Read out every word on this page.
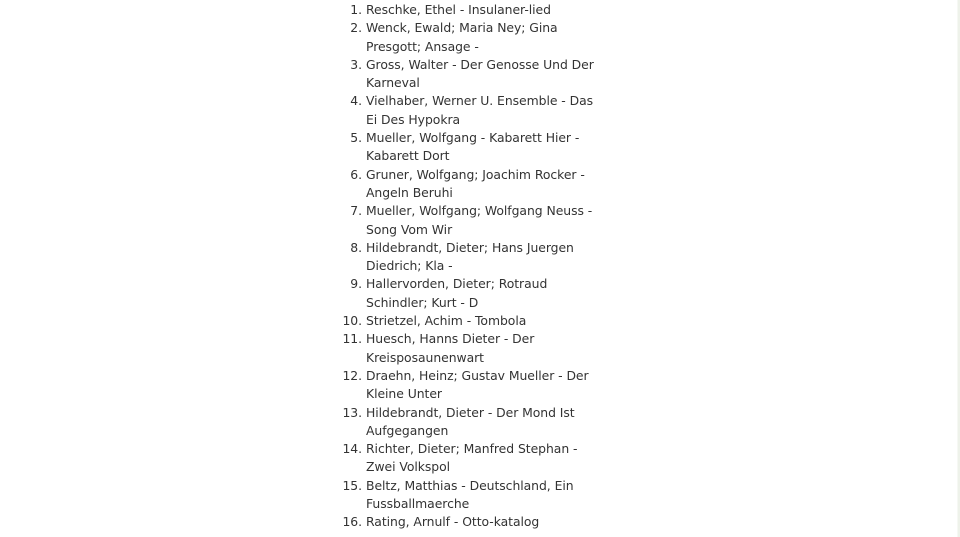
1. Reschke, Ethel - Insulaner-lied
2. Wenck, Ewald; Maria Ney; Gina Presgott; Ansage -
3. Gross, Walter - Der Genosse Und Der Karneval
4. Vielhaber, Werner U. Ensemble - Das Ei Des Hypokra
5. Mueller, Wolfgang - Kabarett Hier - Kabarett Dort
6. Gruner, Wolfgang; Joachim Rocker - Angeln Beruhi
7. Mueller, Wolfgang; Wolfgang Neuss - Song Vom Wir
8. Hildebrandt, Dieter; Hans Juergen Diedrich; Kla -
9. Hallervorden, Dieter; Rotraud Schindler; Kurt - D
10. Strietzel, Achim - Tombola
11. Huesch, Hanns Dieter - Der Kreisposaunenwart
12. Draehn, Heinz; Gustav Mueller - Der Kleine Unter
13. Hildebrandt, Dieter - Der Mond Ist Aufgegangen
14. Richter, Dieter; Manfred Stephan - Zwei Volkspol
15. Beltz, Matthias - Deutschland, Ein Fussballmaerche
16. Rating, Arnulf - Otto-katalog
